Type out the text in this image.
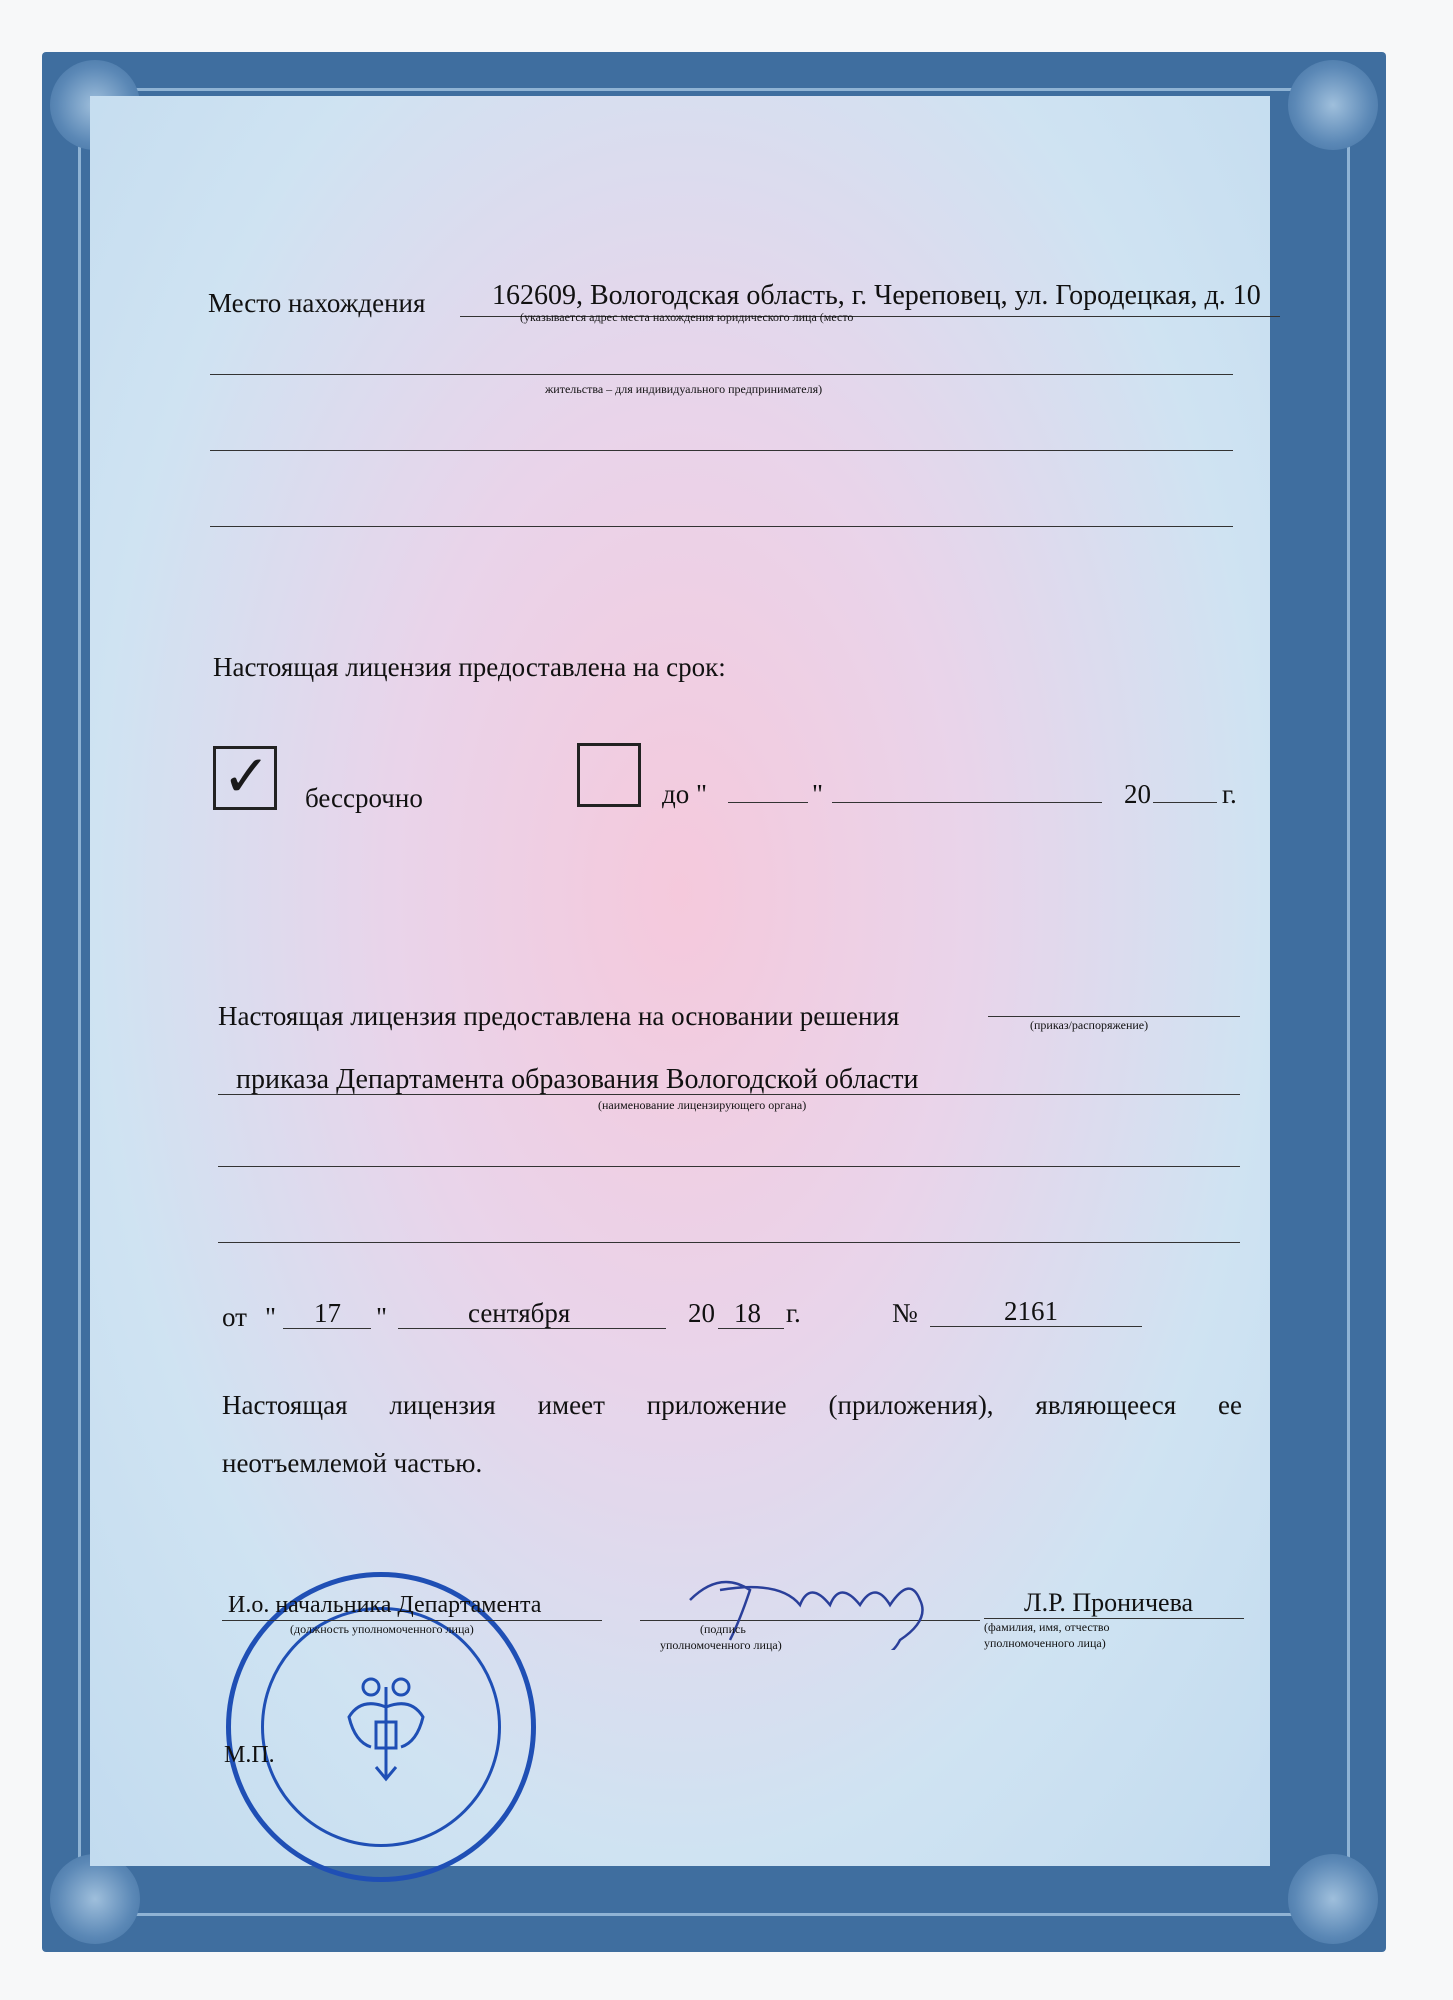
Место нахождения 162609, Вологодская область, г. Череповец, ул. Городецкая, д. 10
(указывается адрес места нахождения юридического лица (место
жительства – для индивидуального предпринимателя)
Настоящая лицензия предоставлена на срок:
✓ бессрочно	до "	"	20	г.
Настоящая лицензия предоставлена на основании решения	(приказ/распоряжение)
приказа Департамента образования Вологодской области
(наименование лицензирующего органа)
от " 17 "	сентября	20 18 г.	№	2161
Настоящая лицензия имеет приложение (приложения), являющееся ее
неотъемлемой частью.
И.о. начальника Департамента
(должность уполномоченного лица)	(подпись
уполномоченного лица)
Л.Р. Проничева
(фамилия, имя, отчество
уполномоченного лица)
М.П.
